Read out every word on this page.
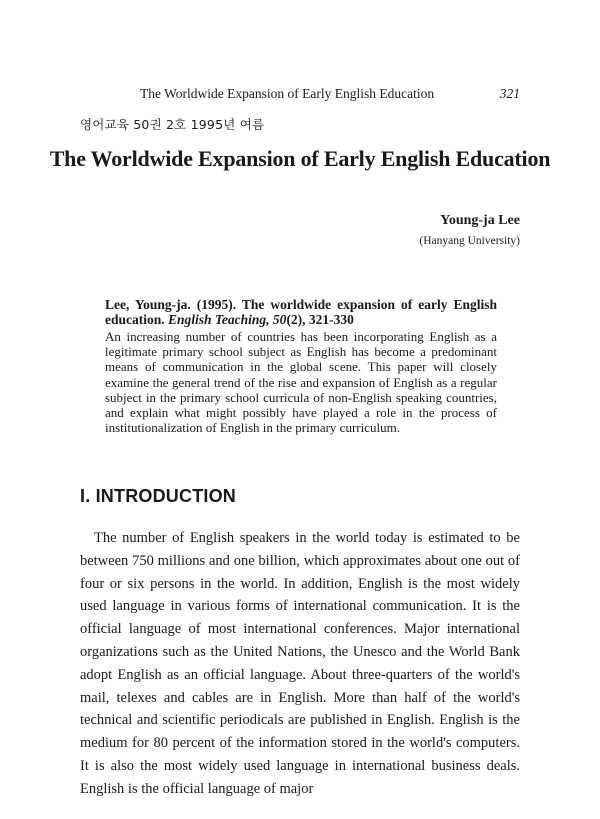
The Worldwide Expansion of Early English Education	321
영어교육 50권 2호 1995년 여름
The Worldwide Expansion of Early English Education
Young-ja Lee
(Hanyang University)
Lee, Young-ja. (1995). The worldwide expansion of early English education. English Teaching, 50(2), 321-330
An increasing number of countries has been incorporating English as a legitimate primary school subject as English has become a predominant means of communication in the global scene. This paper will closely examine the general trend of the rise and expansion of English as a regular subject in the primary school curricula of non-English speaking countries, and explain what might possibly have played a role in the process of institutionalization of English in the primary curriculum.
I. INTRODUCTION

The number of English speakers in the world today is estimated to be between 750 millions and one billion, which approximates about one out of four or six persons in the world. In addition, English is the most widely used language in various forms of international communication. It is the official language of most international conferences. Major international organizations such as the United Nations, the Unesco and the World Bank adopt English as an official language. About three-quarters of the world's mail, telexes and cables are in English. More than half of the world's technical and scientific periodicals are published in English. English is the medium for 80 percent of the information stored in the world's computers. It is also the most widely used language in international business deals. English is the official language of major
